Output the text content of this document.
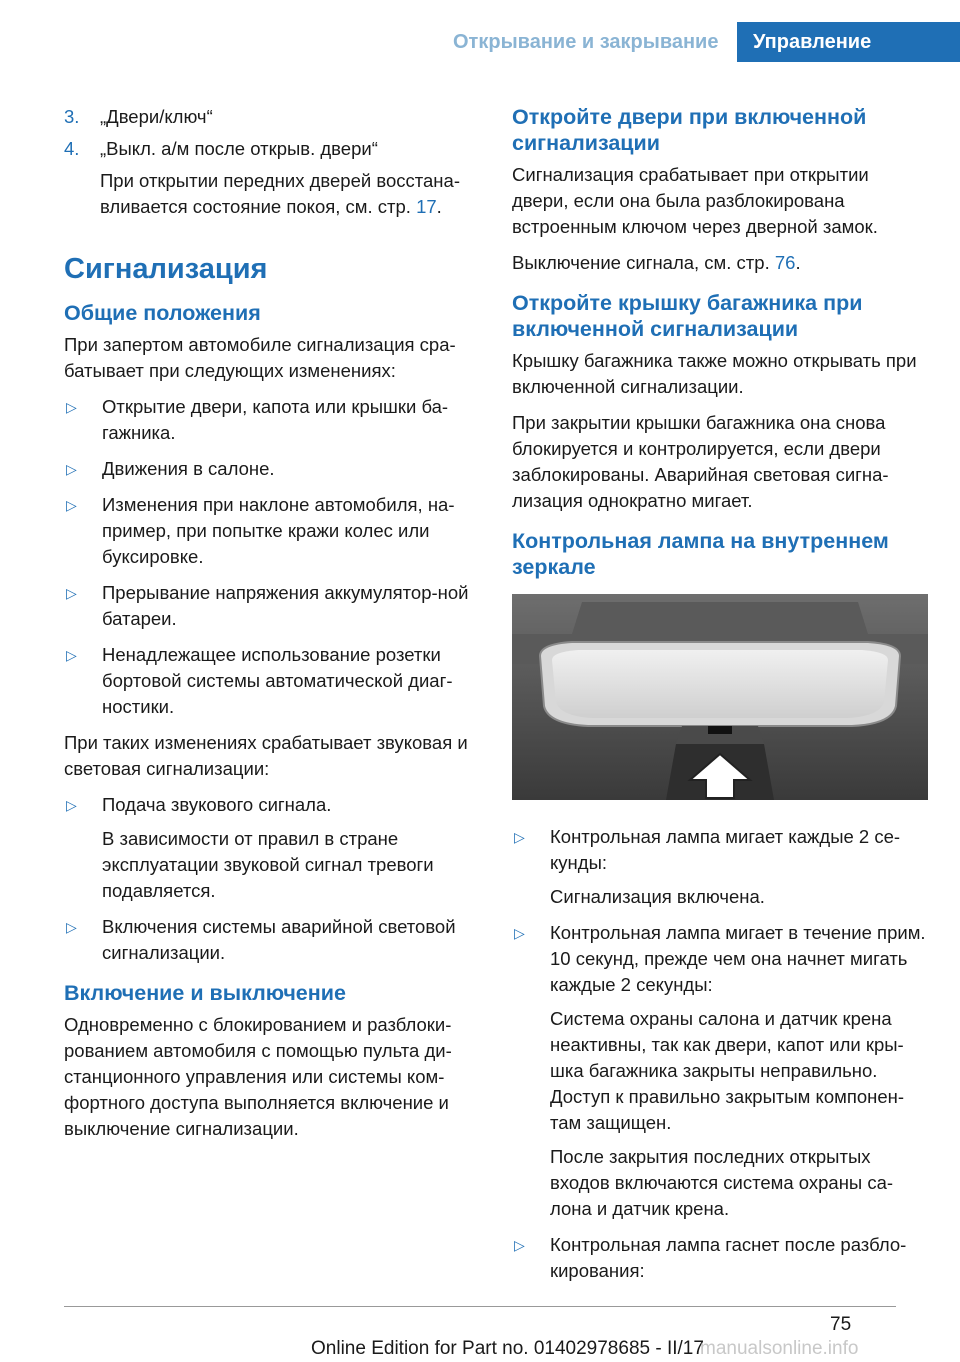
Открывание и закрывание	Управление
3.	„Двери/ключ“
4.	„Выкл. а/м после открыв. двери“

При открытии передних дверей восстана-вливается состояние покоя, см. стр. 17.

Сигнализация
Общие положения

При запертом автомобиле сигнализация сра-батывает при следующих изменениях:

▷	Открытие двери, капота или крышки ба-гажника.
▷	Движения в салоне.
▷	Изменения при наклоне автомобиля, на-пример, при попытке кражи колес или буксировке.
▷	Прерывание напряжения аккумулятор-ной батареи.
▷	Ненадлежащее использование розетки бортовой системы автоматической диаг-ностики.

При таких изменениях срабатывает звуковая и световая сигнализации:

▷	Подача звукового сигнала.

В зависимости от правил в стране эксплуатации звуковой сигнал тревоги подавляется.

▷	Включения системы аварийной световой сигнализации.

Включение и выключение

Одновременно с блокированием и разблоки-рованием автомобиля с помощью пульта ди-станционного управления или системы ком-фортного доступа выполняется включение и выключение сигнализации.

Откройте двери при включенной сигнализации

Сигнализация срабатывает при открытии двери, если она была разблокирована встроенным ключом через дверной замок.

Выключение сигнала, см. стр. 76.

Откройте крышку багажника при включенной сигнализации

Крышку багажника также можно открывать при включенной сигнализации.

При закрытии крышки багажника она снова блокируется и контролируется, если двери заблокированы. Аварийная световая сигна-лизация однократно мигает.

Контрольная лампа на внутреннем зеркале
▷	Контрольная лампа мигает каждые 2 се-кунды:

Сигнализация включена.

▷	Контрольная лампа мигает в течение прим. 10 секунд, прежде чем она начнет мигать каждые 2 секунды:

Система охраны салона и датчик крена неактивны, так как двери, капот или кры-шка багажника закрыты неправильно. Доступ к правильно закрытым компонен-там защищен.

После закрытия последних открытых входов включаются система охраны са-лона и датчик крена.

▷	Контрольная лампа гаснет после разбло-кирования:

75
Online Edition for Part no. 01402978685 - II/17
manualsonline.info
